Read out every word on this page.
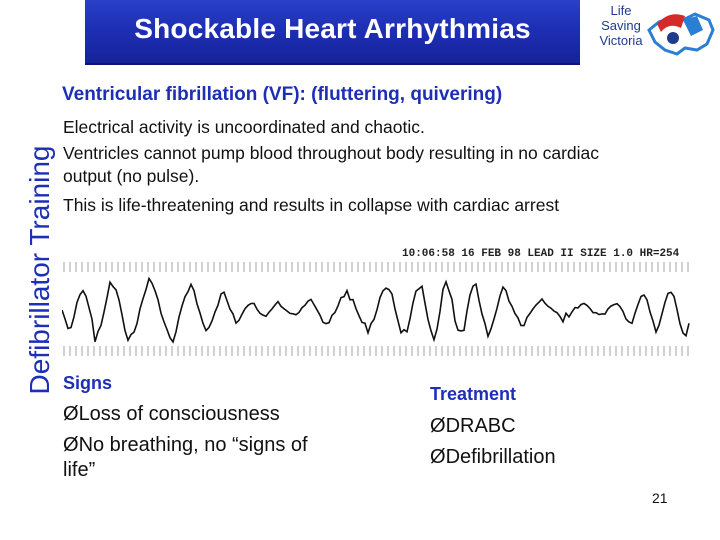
Shockable Heart Arrhythmias
Life
Saving
Victoria
Defibrillator Training
Ventricular fibrillation (VF): (fluttering, quivering)
Electrical activity is uncoordinated and chaotic.
Ventricles cannot pump blood throughout body resulting in no cardiac
output (no pulse).
This is life-threatening and results in collapse with cardiac arrest
10:06:58 16 FEB 98 LEAD II SIZE 1.0 HR=254
Signs
ØLoss of consciousness
ØNo breathing, no “signs of
life”
Treatment
ØDRABC
ØDefibrillation
21
